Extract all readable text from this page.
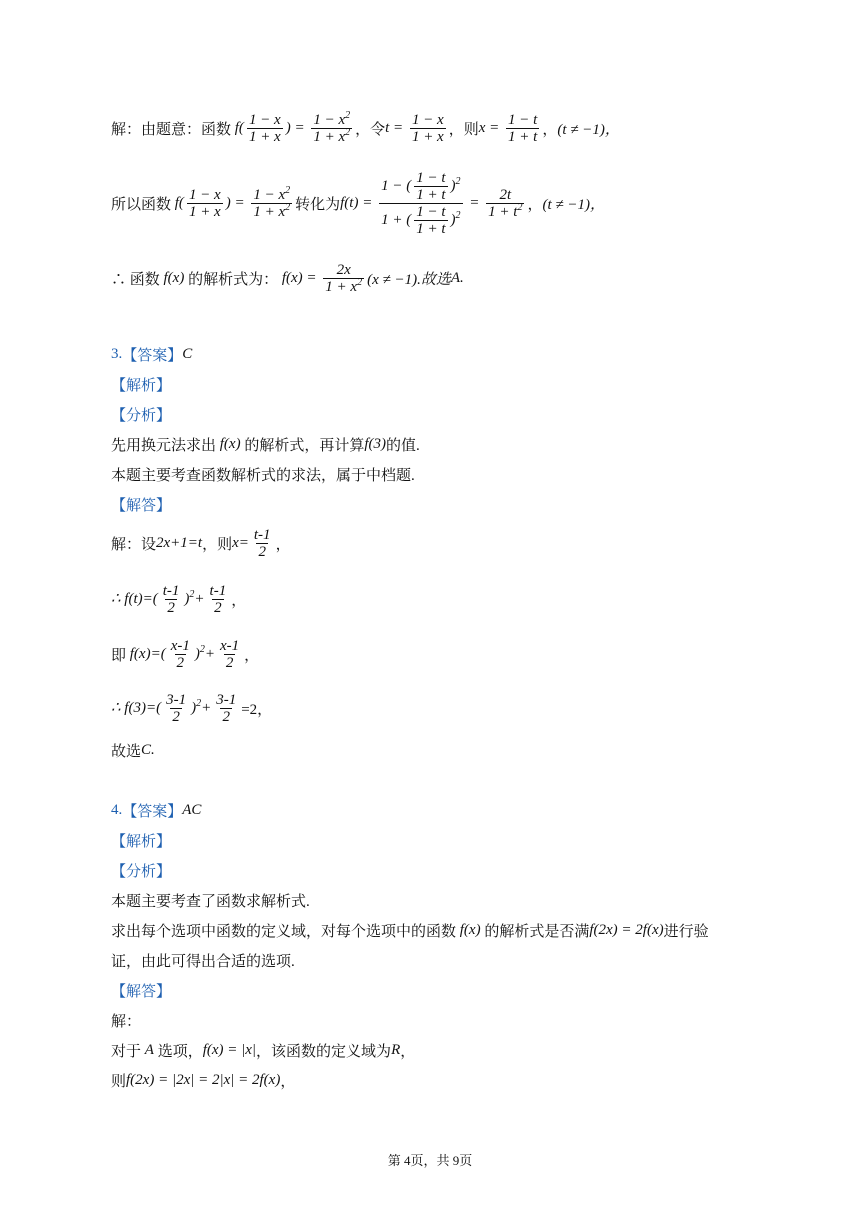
解：由题意：函数 $f( \frac{1 - x}{1 + x}$ ) = $\frac{1 - x^2}{1 + x^2}$ ，令 $t = \frac{1 - x}{1 + x}$ ，则 $x = \frac{1 - t}{1 + t}$ ， (t ≠ −1)，
所以函数 $f( \frac{1 - x}{1 + x}$ ) = $\frac{1 - x^2}{1 + x^2}$ 转化为 $f(t) = \frac{1 - ( \frac{1 - t}{1 + t} )^2}{1 + ( \frac{1 - t}{1 + t} )^2} = \frac{2t}{1 + t^2}$ ， (t ≠ −1)，
∴ 函数 f(x) 的解析式为： $f(x) = \frac{2x}{1 + x^2} (x \ne -1)$.故选 A.
3. 【答案】 C
【解析】
【分析】
先用换元法求出 f(x) 的解析式，再计算 f(3) 的值.
本题主要考查函数解析式的求法，属于中档题.
【解答】
解：设 2x+1=t ，则 $x= \frac{t-1}{2}$ ，
∴ $f(t)=( \frac{t-1}{2} )^2+ \frac{t-1}{2}$ ，
即 $f(x)=( \frac{x-1}{2} )^2+ \frac{x-1}{2}$ ，
∴ $f(3)=( \frac{3-1}{2} )^2+ \frac{3-1}{2} =2$，
故选 C.
4. 【答案】 AC
【解析】
【分析】
本题主要考查了函数求解析式.
求出每个选项中函数的定义域，对每个选项中的函数 f(x) 的解析式是否满 f(2x) = 2f(x) 进行验
证，由此可得出合适的选项.
【解答】
解：
对于 A 选项， f(x) = |x| ，该函数的定义域为 R ，
则 f(2x) = |2x| = 2|x| = 2f(x) ，
第 4页，共 9页
